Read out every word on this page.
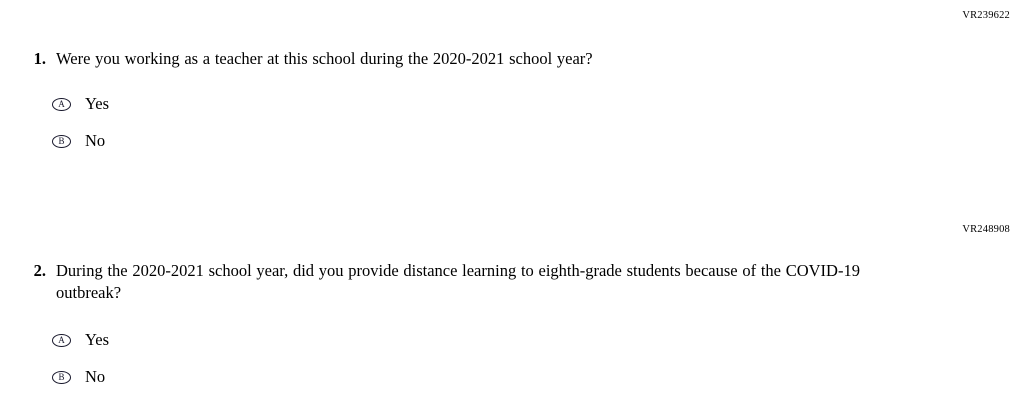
VR239622
1. Were you working as a teacher at this school during the 2020-2021 school year?
A	Yes
B	No
VR248908
2. During the 2020-2021 school year, did you provide distance learning to eighth-grade students because of the COVID-19 outbreak?
A	Yes
B	No
